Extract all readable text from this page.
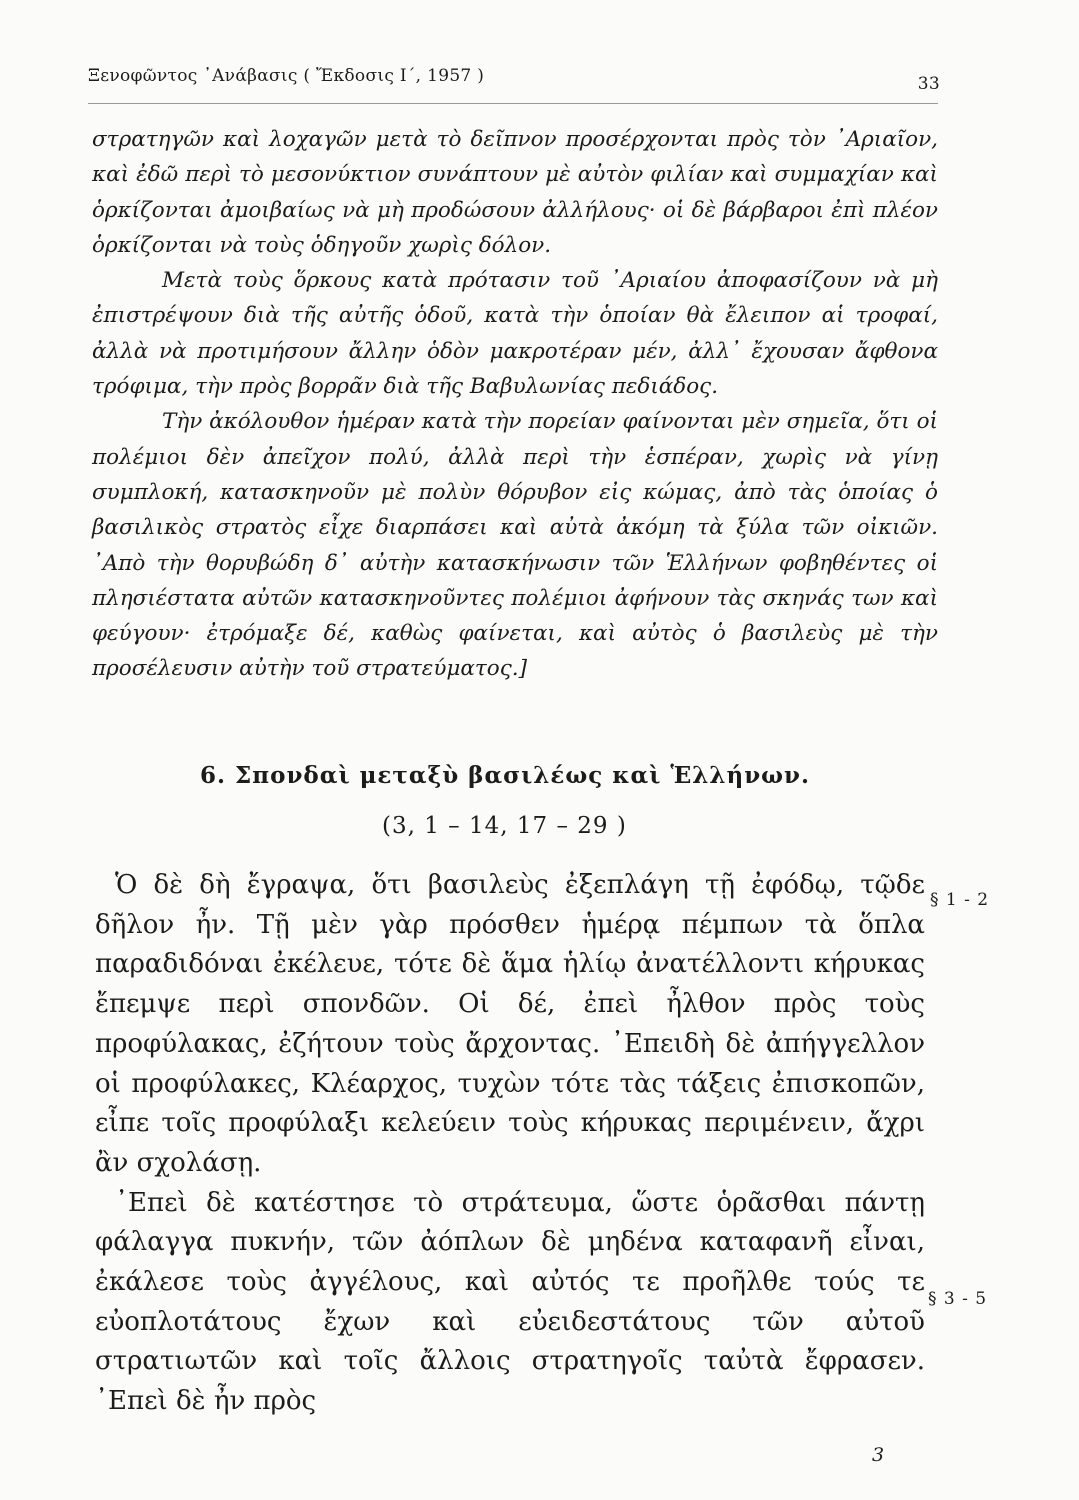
Ξενοφῶντος ᾿Ανάβασις ( Ἔκδοσις Ι΄, 1957 )	33

στρατηγῶν καὶ λοχαγῶν μετὰ τὸ δεῖπνον προσέρχονται πρὸς τὸν ᾿Αριαῖον, καὶ ἐδῶ περὶ τὸ μεσονύκτιον συνάπτουν μὲ αὐτὸν φιλίαν καὶ συμμαχίαν καὶ ὁρκίζονται ἀμοιβαίως νὰ μὴ προδώσουν ἀλλήλους· οἱ δὲ βάρβαροι ἐπὶ πλέον ὁρκίζονται νὰ τοὺς ὁδηγοῦν χωρὶς δόλον.

Μετὰ τοὺς ὅρκους κατὰ πρότασιν τοῦ ᾿Αριαίου ἀποφασίζουν νὰ μὴ ἐπιστρέψουν διὰ τῆς αὐτῆς ὁδοῦ, κατὰ τὴν ὁποίαν θὰ ἔλειπον αἱ τροφαί, ἀλλὰ νὰ προτιμήσουν ἄλλην ὁδὸν μακροτέραν μέν, ἀλλ᾿ ἔχουσαν ἄφθονα τρόφιμα, τὴν πρὸς βορρᾶν διὰ τῆς Βαβυλωνίας πεδιάδος.

Τὴν ἀκόλουθον ἡμέραν κατὰ τὴν πορείαν φαίνονται μὲν σημεῖα, ὅτι οἱ πολέμιοι δὲν ἀπεῖχον πολύ, ἀλλὰ περὶ τὴν ἑσπέραν, χωρὶς νὰ γίνῃ συμπλοκή, κατασκηνοῦν μὲ πολὺν θόρυβον εἰς κώμας, ἀπὸ τὰς ὁποίας ὁ βασιλικὸς στρατὸς εἶχε διαρπάσει καὶ αὐτὰ ἀκόμη τὰ ξύλα τῶν οἰκιῶν. ᾿Απὸ τὴν θορυβώδη δ᾿ αὐτὴν κατασκήνωσιν τῶν Ἑλλήνων φοβηθέντες οἱ πλησιέστατα αὐτῶν κατασκηνοῦντες πολέμιοι ἀφήνουν τὰς σκηνάς των καὶ φεύγουν· ἐτρόμαξε δέ, καθὼς φαίνεται, καὶ αὐτὸς ὁ βασιλεὺς μὲ τὴν προσέλευσιν αὐτὴν τοῦ στρατεύματος.]

6. Σπονδαὶ μεταξὺ βασιλέως καὶ Ἑλλήνων.
(3, 1 – 14, 17 – 29 )

Ὁ δὲ δὴ ἔγραψα, ὅτι βασιλεὺς ἐξεπλάγη τῇ ἐφόδῳ, τῷδε δῆλον ἦν. Τῇ μὲν γὰρ πρόσθεν ἡμέρᾳ πέμπων τὰ ὅπλα παραδιδόναι ἐκέλευε, τότε δὲ ἅμα ἡλίῳ ἀνατέλλοντι κήρυκας ἔπεμψε περὶ σπονδῶν. Οἱ δέ, ἐπεὶ ἦλθον πρὸς τοὺς προφύλακας, ἐζήτουν τοὺς ἄρχοντας. ᾿Επειδὴ δὲ ἀπήγγελλον οἱ προφύλακες, Κλέαρχος, τυχὼν τότε τὰς τάξεις ἐπισκοπῶν, εἶπε τοῖς προφύλαξι κελεύειν τοὺς κήρυκας περιμένειν, ἄχρι ἂν σχολάσῃ.

᾿Επεὶ δὲ κατέστησε τὸ στράτευμα, ὥστε ὁρᾶσθαι πάντῃ φάλαγγα πυκνήν, τῶν ἀόπλων δὲ μηδένα καταφανῆ εἶναι, ἐκάλεσε τοὺς ἀγγέλους, καὶ αὐτός τε προῆλθε τούς τε εὐοπλοτάτους ἔχων καὶ εὐειδεστάτους τῶν αὐτοῦ στρατιωτῶν καὶ τοῖς ἄλλοις στρατηγοῖς ταὐτὰ ἔφρασεν. ᾿Επεὶ δὲ ἦν πρὸς

§ 1 - 2
§ 3 - 5
3
